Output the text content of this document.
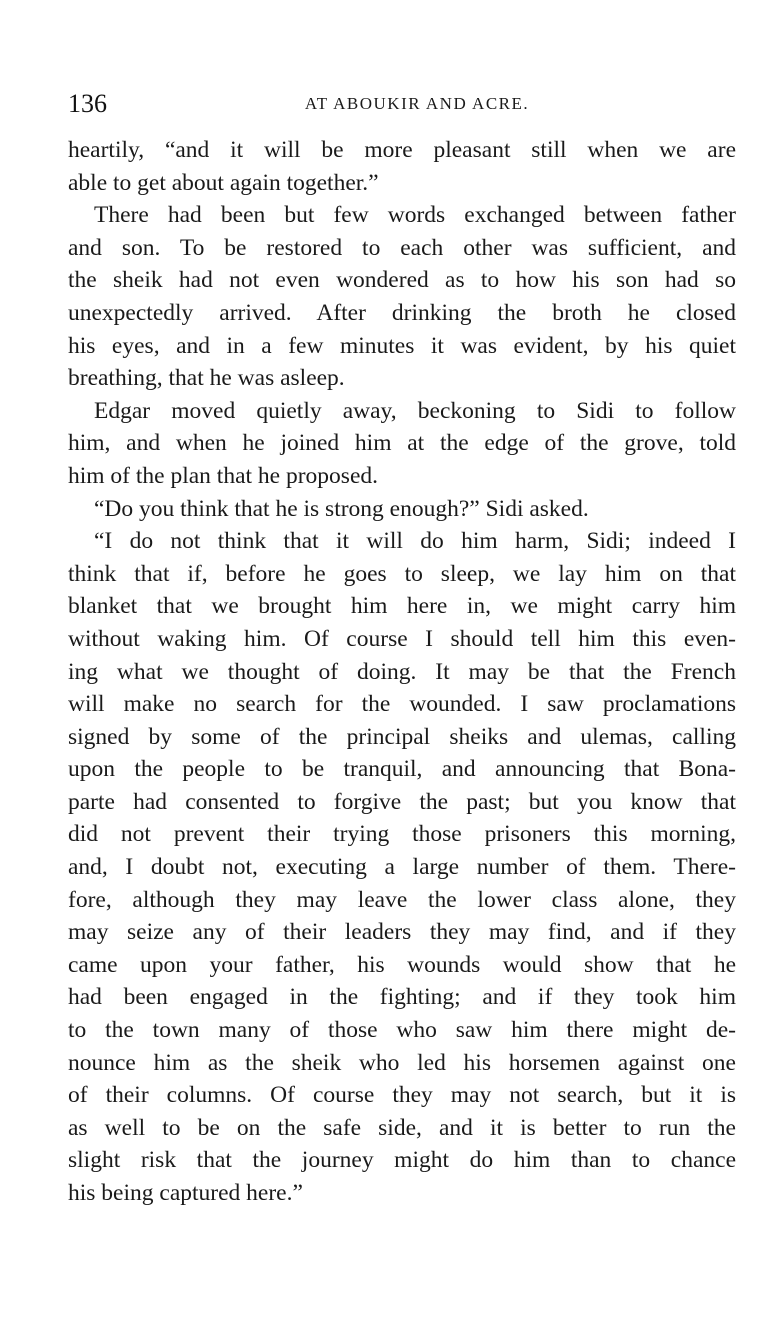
136	AT ABOUKIR AND ACRE.
heartily, “and it will be more pleasant still when we are
able to get about again together.”
There had been but few words exchanged between father
and son. To be restored to each other was sufficient, and
the sheik had not even wondered as to how his son had so
unexpectedly arrived. After drinking the broth he closed
his eyes, and in a few minutes it was evident, by his quiet
breathing, that he was asleep.
Edgar moved quietly away, beckoning to Sidi to follow
him, and when he joined him at the edge of the grove, told
him of the plan that he proposed.
“Do you think that he is strong enough?” Sidi asked.
“I do not think that it will do him harm, Sidi; indeed I
think that if, before he goes to sleep, we lay him on that
blanket that we brought him here in, we might carry him
without waking him. Of course I should tell him this even-
ing what we thought of doing. It may be that the French
will make no search for the wounded. I saw proclamations
signed by some of the principal sheiks and ulemas, calling
upon the people to be tranquil, and announcing that Bona-
parte had consented to forgive the past; but you know that
did not prevent their trying those prisoners this morning,
and, I doubt not, executing a large number of them. There-
fore, although they may leave the lower class alone, they
may seize any of their leaders they may find, and if they
came upon your father, his wounds would show that he
had been engaged in the fighting; and if they took him
to the town many of those who saw him there might de-
nounce him as the sheik who led his horsemen against one
of their columns. Of course they may not search, but it is
as well to be on the safe side, and it is better to run the
slight risk that the journey might do him than to chance
his being captured here.”
